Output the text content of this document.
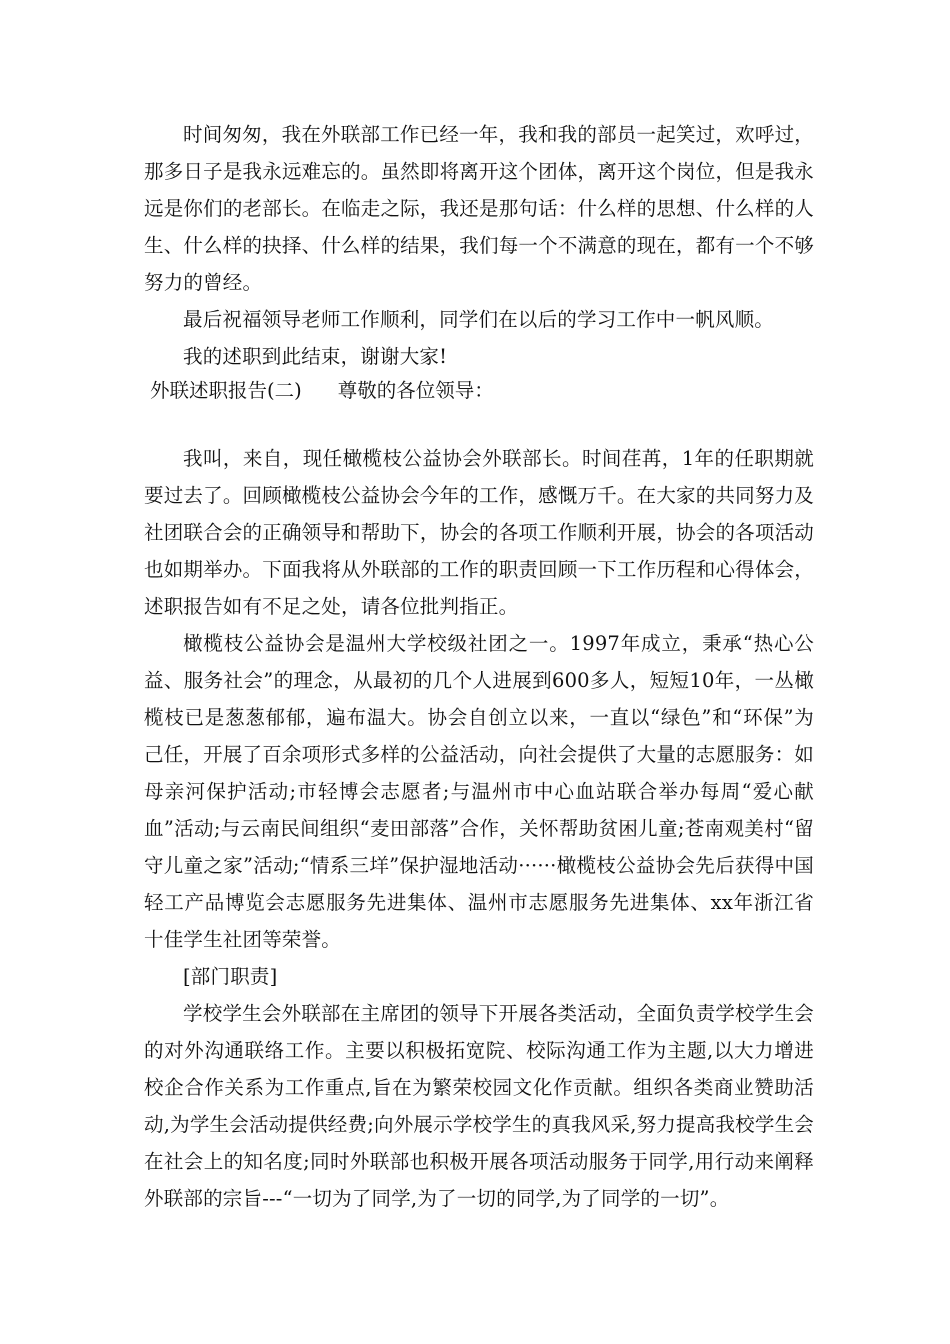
时间匆匆，我在外联部工作已经一年，我和我的部员一起笑过，欢呼过，那多日子是我永远难忘的。虽然即将离开这个团体，离开这个岗位，但是我永远是你们的老部长。在临走之际，我还是那句话：什么样的思想、什么样的人生、什么样的抉择、什么样的结果，我们每一个不满意的现在，都有一个不够努力的曾经。

最后祝福领导老师工作顺利，同学们在以后的学习工作中一帆风顺。

我的述职到此结束，谢谢大家!

外联述职报告(二) 尊敬的各位领导：

我叫，来自，现任橄榄枝公益协会外联部长。时间荏苒，1年的任职期就要过去了。回顾橄榄枝公益协会今年的工作，感慨万千。在大家的共同努力及社团联合会的正确领导和帮助下，协会的各项工作顺利开展，协会的各项活动也如期举办。下面我将从外联部的工作的职责回顾一下工作历程和心得体会，述职报告如有不足之处，请各位批判指正。

橄榄枝公益协会是温州大学校级社团之一。1997年成立，秉承“热心公益、服务社会”的理念，从最初的几个人进展到600多人，短短10年，一丛橄榄枝已是葱葱郁郁，遍布温大。协会自创立以来，一直以“绿色”和“环保”为己任，开展了百余项形式多样的公益活动，向社会提供了大量的志愿服务：如母亲河保护活动;市轻博会志愿者;与温州市中心血站联合举办每周“爱心献血”活动;与云南民间组织“麦田部落”合作，关怀帮助贫困儿童;苍南观美村“留守儿童之家”活动;“情系三垟”保护湿地活动······橄榄枝公益协会先后获得中国轻工产品博览会志愿服务先进集体、温州市志愿服务先进集体、xx年浙江省十佳学生社团等荣誉。

[部门职责]

学校学生会外联部在主席团的领导下开展各类活动，全面负责学校学生会的对外沟通联络工作。主要以积极拓宽院、校际沟通工作为主题,以大力增进校企合作关系为工作重点,旨在为繁荣校园文化作贡献。组织各类商业赞助活动,为学生会活动提供经费;向外展示学校学生的真我风采,努力提高我校学生会在社会上的知名度;同时外联部也积极开展各项活动服务于同学,用行动来阐释外联部的宗旨---“一切为了同学,为了一切的同学,为了同学的一切”。
